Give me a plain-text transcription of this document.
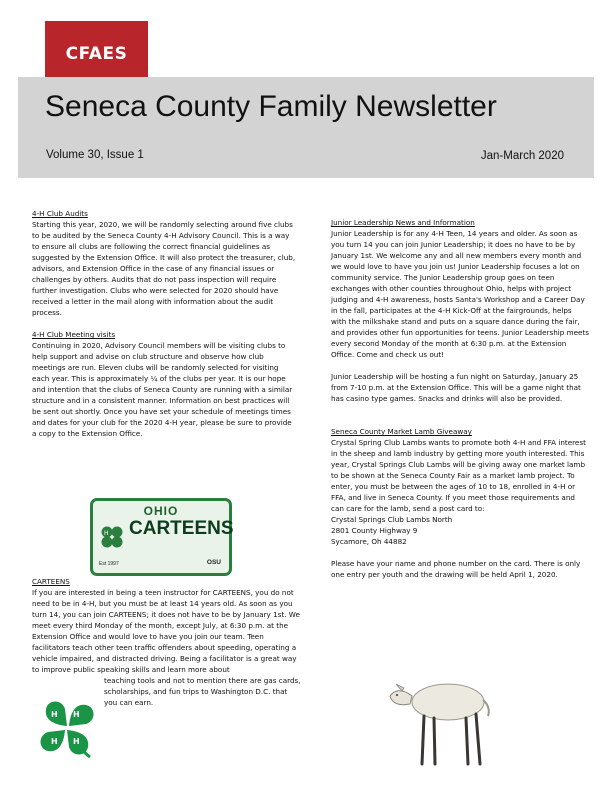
CFAES
Seneca County Family Newsletter
Volume 30, Issue 1	Jan-March 2020

4-H Club Audits

Starting this year, 2020, we will be randomly selecting around five clubs to be audited by the Seneca County 4-H Advisory Council. This is a way to ensure all clubs are following the correct financial guidelines as suggested by the Extension Office. It will also protect the treasurer, club, advisors, and Extension Office in the case of any financial issues or challenges by others. Audits that do not pass inspection will require further investigation. Clubs who were selected for 2020 should have received a letter in the mail along with information about the audit process.

4-H Club Meeting visits

Continuing in 2020, Advisory Council members will be visiting clubs to help support and advise on club structure and observe how club meetings are run. Eleven clubs will be randomly selected for visiting each year. This is approximately ¼ of the clubs per year. It is our hope and intention that the clubs of Seneca County are running with a similar structure and in a consistent manner. Information on best practices will be sent out shortly. Once you have set your schedule of meetings times and dates for your club for the 2020 4-H year, please be sure to provide a copy to the Extension Office.

OHIO
H CARTEENS
Est 1997	OSU

CARTEENS

If you are interested in being a teen instructor for CARTEENS, you do not need to be in 4-H, but you must be at least 14 years old. As soon as you turn 14, you can join CARTEENS; it does not have to be by January 1st. We meet every third Monday of the month, except July, at 6:30 p.m. at the Extension Office and would love to have you join our team. Teen facilitators teach other teen traffic offenders about speeding, operating a vehicle impaired, and distracted driving. Being a facilitator is a great way to improve public speaking skills and learn more about

teaching tools and not to mention there are gas cards, scholarships, and fun trips to Washington D.C. that you can earn.

H H
H
H

Junior Leadership News and Information

Junior Leadership is for any 4-H Teen, 14 years and older. As soon as you turn 14 you can join Junior Leadership; it does no have to be by January 1st. We welcome any and all new members every month and we would love to have you join us! Junior Leadership focuses a lot on community service. The Junior Leadership group goes on teen exchanges with other counties throughout Ohio, helps with project judging and 4-H awareness, hosts Santa's Workshop and a Career Day in the fall, participates at the 4-H Kick-Off at the fairgrounds, helps with the milkshake stand and puts on a square dance during the fair, and provides other fun opportunities for teens. Junior Leadership meets every second Monday of the month at 6:30 p.m. at the Extension Office. Come and check us out!

Junior Leadership will be hosting a fun night on Saturday, January 25 from 7-10 p.m. at the Extension Office. This will be a game night that has casino type games. Snacks and drinks will also be provided.

Seneca County Market Lamb Giveaway

Crystal Spring Club Lambs wants to promote both 4-H and FFA interest in the sheep and lamb industry by getting more youth interested. This year, Crystal Springs Club Lambs will be giving away one market lamb to be shown at the Seneca County Fair as a market lamb project. To enter, you must be between the ages of 10 to 18, enrolled in 4-H or FFA, and live in Seneca County. If you meet those requirements and can care for the lamb, send a post card to:

Crystal Springs Club Lambs North

2801 County Highway 9

Sycamore, Oh 44882

Please have your name and phone number on the card. There is only one entry per youth and the drawing will be held April 1, 2020.
